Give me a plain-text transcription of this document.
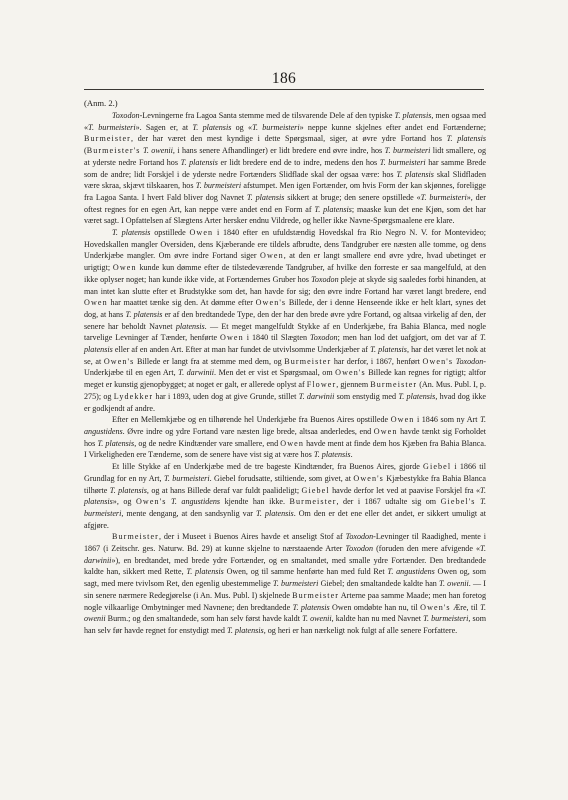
186
(Anm. 2.)

Toxodon-Levningerne fra Lagoa Santa stemme med de tilsvarende Dele af den typiske T. platensis, men ogsaa med «T. burmeisteri». Sagen er, at T. platensis og «T. burmeisteri» neppe kunne skjelnes efter andet end Fortænderne; Burmeister, der har været den mest kyndige i dette Spørgsmaal, siger, at øvre ydre Fortand hos T. platensis (Burmeister's T. owenii, i hans senere Afhandlinger) er lidt bredere end øvre indre, hos T. burmeisteri lidt smallere, og at yderste nedre Fortand hos T. platensis er lidt bredere end de to indre, medens den hos T. burmeisteri har samme Brede som de andre; lidt Forskjel i de yderste nedre Fortænders Slidflade skal der ogsaa være: hos T. platensis skal Slidfladen være skraa, skjævt tilskaaren, hos T. burmeisteri afstumpet. Men igen Fortænder, om hvis Form der kan skjønnes, foreligge fra Lagoa Santa. I hvert Fald bliver dog Navnet T. platensis sikkert at bruge; den senere opstillede «T. burmeisteri», der oftest regnes for en egen Art, kan neppe være andet end en Form af T. platensis; maaske kun det ene Kjøn, som det har været sagt. I Opfattelsen af Slægtens Arter hersker endnu Vildrede, og heller ikke Navne-Spørgsmaalene ere klare.

T. platensis opstillede Owen i 1840 efter en ufuldstændig Hovedskal fra Rio Negro N. V. for Montevideo; Hovedskallen mangler Oversiden, dens Kjæberande ere tildels afbrudte, dens Tandgruber ere næsten alle tomme, og dens Underkjæbe mangler. Om øvre indre Fortand siger Owen, at den er langt smallere end øvre ydre, hvad ubetinget er urigtigt; Owen kunde kun dømme efter de tilstedeværende Tandgruber, af hvilke den forreste er saa mangelfuld, at den ikke oplyser noget; han kunde ikke vide, at Fortændernes Gruber hos Toxodon pleje at skyde sig saaledes forbi hinanden, at man intet kan slutte efter et Brudstykke som det, han havde for sig; den øvre indre Fortand har været langt bredere, end Owen har maattet tænke sig den. At dømme efter Owen's Billede, der i denne Henseende ikke er helt klart, synes det dog, at hans T. platensis er af den bredtandede Type, den der har den brede øvre ydre Fortand, og altsaa virkelig af den, der senere har beholdt Navnet platensis. — Et meget mangelfuldt Stykke af en Underkjæbe, fra Bahia Blanca, med nogle tarvelige Levninger af Tænder, henførte Owen i 1840 til Slægten Toxodon; men han lod det uafgjort, om det var af T. platensis eller af en anden Art. Efter at man har fundet de utvivlsomme Underkjæber af T. platensis, har det været let nok at se, at Owen's Billede er langt fra at stemme med dem, og Burmeister har derfor, i 1867, henført Owen's Toxodon-Underkjæbe til en egen Art, T. darwinii. Men det er vist et Spørgsmaal, om Owen's Billede kan regnes for rigtigt; altfor meget er kunstig gjenopbygget; at noget er galt, er allerede oplyst af Flower, gjennem Burmeister (An. Mus. Publ. I, p. 275); og Lydekker har i 1893, uden dog at give Grunde, stillet T. darwinii som enstydig med T. platensis, hvad dog ikke er godkjendt af andre.

Efter en Mellemkjæbe og en tilhørende hel Underkjæbe fra Buenos Aires opstillede Owen i 1846 som ny Art T. angustidens. Øvre indre og ydre Fortand vare næsten lige brede, altsaa anderledes, end Owen havde tænkt sig Forholdet hos T. platensis, og de nedre Kindtænder vare smallere, end Owen havde ment at finde dem hos Kjæben fra Bahia Blanca. I Virkeligheden ere Tænderne, som de senere have vist sig at være hos T. platensis.

Et lille Stykke af en Underkjæbe med de tre bageste Kindtænder, fra Buenos Aires, gjorde Giebel i 1866 til Grundlag for en ny Art, T. burmeisteri. Giebel forudsatte, stiltiende, som givet, at Owen's Kjæbestykke fra Bahia Blanca tilhørte T. platensis, og at hans Billede deraf var fuldt paalideligt; Giebel havde derfor let ved at paavise Forskjel fra «T. platensis», og Owen's T. angustidens kjendte han ikke. Burmeister, der i 1867 udtalte sig om Giebel's T. burmeisteri, mente dengang, at den sandsynlig var T. platensis. Om den er det ene eller det andet, er sikkert umuligt at afgjøre.

Burmeister, der i Museet i Buenos Aires havde et anseligt Stof af Toxodon-Levninger til Raadighed, mente i 1867 (i Zeitschr. ges. Naturw. Bd. 29) at kunne skjelne to nærstaaende Arter Toxodon (foruden den mere afvigende «T. darwinii»), en bredtandet, med brede ydre Fortænder, og en smaltandet, med smalle ydre Fortænder. Den bredtandede kaldte han, sikkert med Rette, T. platensis Owen, og til samme henførte han med fuld Ret T. angustidens Owen og, som sagt, med mere tvivlsom Ret, den egenlig ubestemmelige T. burmeisteri Giebel; den smaltandede kaldte han T. owenii. — I sin senere nærmere Redegjørelse (i An. Mus. Publ. I) skjelnede Burmeister Arterne paa samme Maade; men han foretog nogle vilkaarlige Ombytninger med Navnene; den bredtandede T. platensis Owen omdøbte han nu, til Owen's Ære, til T. owenii Burm.; og den smaltandede, som han selv først havde kaldt T. owenii, kaldte han nu med Navnet T. burmeisteri, som han selv før havde regnet for enstydigt med T. platensis, og heri er han nærkeligt nok fulgt af alle senere Forfattere.
